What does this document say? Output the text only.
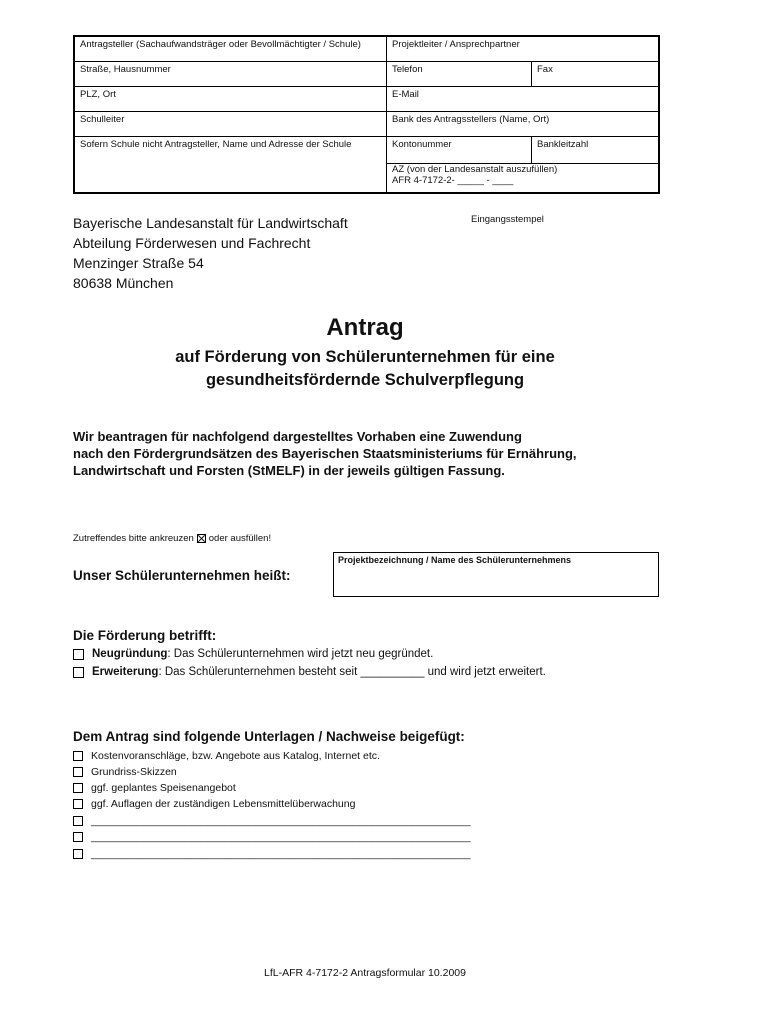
Antragsteller (Sachaufwandsträger oder Bevollmächtigter / Schule)	Projektleiter / Ansprechpartner
Straße, Hausnummer	Telefon	Fax
PLZ, Ort	E-Mail
Schulleiter	Bank des Antragsstellers (Name, Ort)
Sofern Schule nicht Antragsteller, Name und Adresse der Schule	Kontonummer	Bankleitzahl
AZ (von der Landesanstalt auszufüllen)
AFR 4-7172-2- _____ - ____
Bayerische Landesanstalt für Landwirtschaft
Abteilung Förderwesen und Fachrecht
Menzinger Straße 54
80638 München
Eingangsstempel
Antrag
auf Förderung von Schülerunternehmen für eine
gesundheitsfördernde Schulverpflegung
Wir beantragen für nachfolgend dargestelltes Vorhaben eine Zuwendung
nach den Fördergrundsätzen des Bayerischen Staatsministeriums für Ernährung,
Landwirtschaft und Forsten (StMELF) in der jeweils gültigen Fassung.
Zutreffendes bitte ankreuzen oder ausfüllen!
Unser Schülerunternehmen heißt:
Projektbezeichnung / Name des Schülerunternehmens
Die Förderung betrifft:
Neugründung: Das Schülerunternehmen wird jetzt neu gegründet.
Erweiterung: Das Schülerunternehmen besteht seit __________ und wird jetzt erweitert.
Dem Antrag sind folgende Unterlagen / Nachweise beigefügt:
Kostenvoranschläge, bzw. Angebote aus Katalog, Internet etc.
Grundriss-Skizzen
ggf. geplantes Speisenangebot
ggf. Auflagen der zuständigen Lebensmittelüberwachung
_________________________________________________________________
_________________________________________________________________
_________________________________________________________________
LfL-AFR 4-7172-2 Antragsformular 10.2009
